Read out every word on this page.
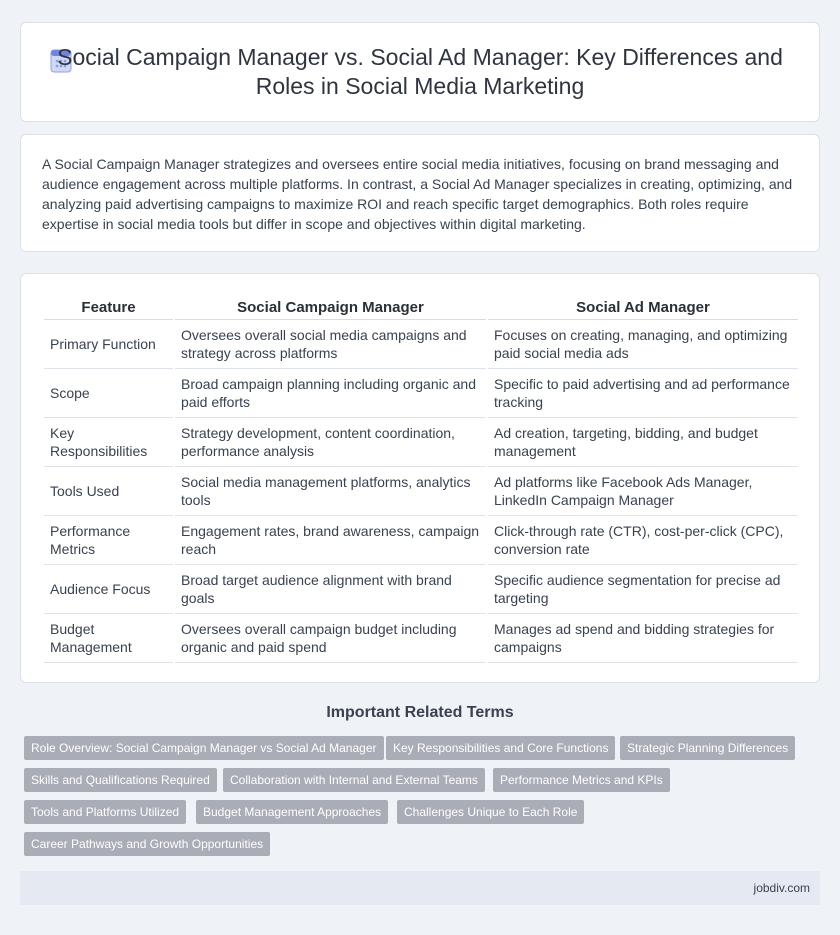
Social Campaign Manager vs. Social Ad Manager: Key Differences and Roles in Social Media Marketing

A Social Campaign Manager strategizes and oversees entire social media initiatives, focusing on brand messaging and audience engagement across multiple platforms. In contrast, a Social Ad Manager specializes in creating, optimizing, and analyzing paid advertising campaigns to maximize ROI and reach specific target demographics. Both roles require expertise in social media tools but differ in scope and objectives within digital marketing.

Feature	Social Campaign Manager	Social Ad Manager
Primary Function	Oversees overall social media campaigns and strategy across platforms	Focuses on creating, managing, and optimizing paid social media ads
Scope	Broad campaign planning including organic and paid efforts	Specific to paid advertising and ad performance tracking
Key Responsibilities	Strategy development, content coordination, performance analysis	Ad creation, targeting, bidding, and budget management
Tools Used	Social media management platforms, analytics tools	Ad platforms like Facebook Ads Manager, LinkedIn Campaign Manager
Performance Metrics	Engagement rates, brand awareness, campaign reach	Click-through rate (CTR), cost-per-click (CPC), conversion rate
Audience Focus	Broad target audience alignment with brand goals	Specific audience segmentation for precise ad targeting
Budget Management	Oversees overall campaign budget including organic and paid spend	Manages ad spend and bidding strategies for campaigns
Important Related Terms
Role Overview: Social Campaign Manager vs Social Ad Manager	Key Responsibilities and Core Functions	Strategic Planning Differences
Skills and Qualifications Required	Collaboration with Internal and External Teams	Performance Metrics and KPIs
Tools and Platforms Utilized	Budget Management Approaches	Challenges Unique to Each Role
Career Pathways and Growth Opportunities
jobdiv.com
